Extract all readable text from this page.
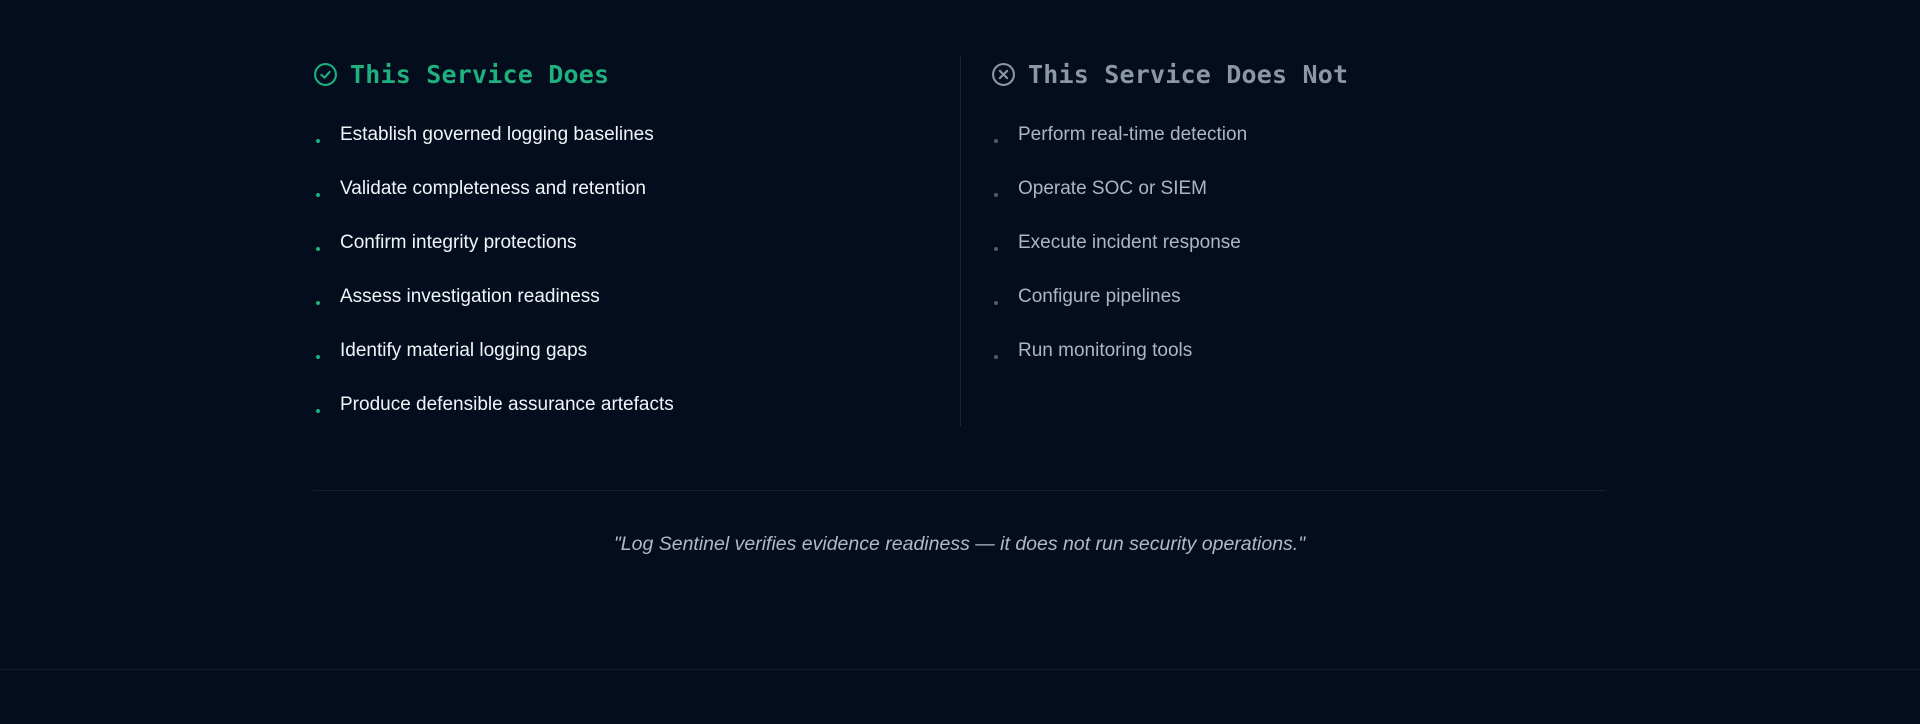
This Service Does
Establish governed logging baselines
Validate completeness and retention
Confirm integrity protections
Assess investigation readiness
Identify material logging gaps
Produce defensible assurance artefacts
This Service Does Not
Perform real-time detection
Operate SOC or SIEM
Execute incident response
Configure pipelines
Run monitoring tools

"Log Sentinel verifies evidence readiness — it does not run security operations."
